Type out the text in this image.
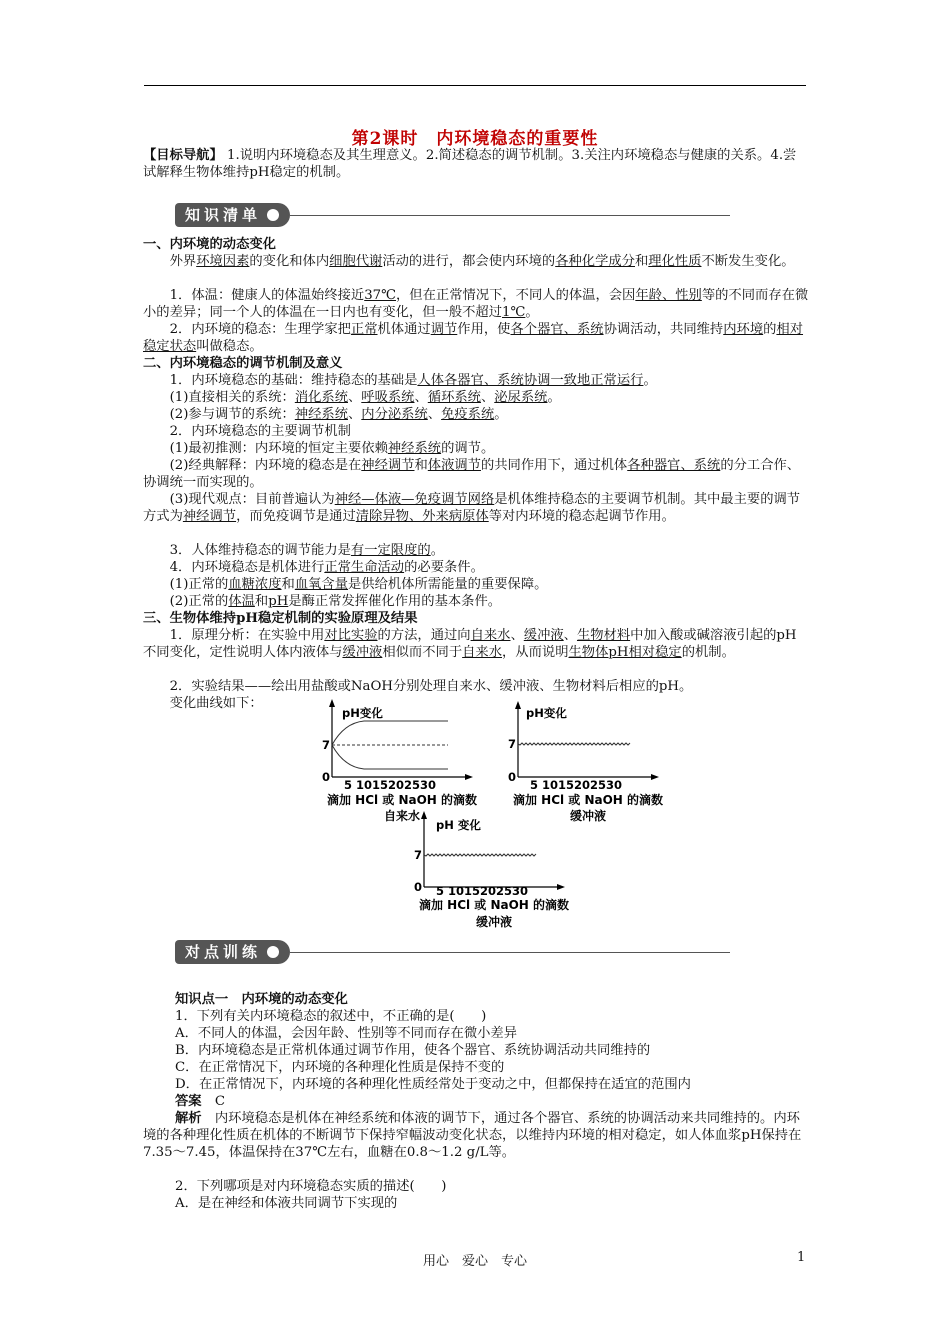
第2课时　内环境稳态的重要性

【目标导航】 1.说明内环境稳态及其生理意义。2.简述稳态的调节机制。3.关注内环境稳态与健康的关系。4.尝试解释生物体维持pH稳定的机制。

知识清单

一、内环境的动态变化

外界环境因素的变化和体内细胞代谢活动的进行，都会使内环境的各种化学成分和理化性质不断发生变化。

1．体温：健康人的体温始终接近37℃，但在正常情况下，不同人的体温，会因年龄、性别等的不同而存在微小的差异；同一个人的体温在一日内也有变化，但一般不超过1℃。

2．内环境的稳态：生理学家把正常机体通过调节作用，使各个器官、系统协调活动，共同维持内环境的相对稳定状态叫做稳态。

二、内环境稳态的调节机制及意义

1．内环境稳态的基础：维持稳态的基础是人体各器官、系统协调一致地正常运行。

(1)直接相关的系统：消化系统、呼吸系统、循环系统、泌尿系统。

(2)参与调节的系统：神经系统、内分泌系统、免疫系统。

2．内环境稳态的主要调节机制

(1)最初推测：内环境的恒定主要依赖神经系统的调节。

(2)经典解释：内环境的稳态是在神经调节和体液调节的共同作用下，通过机体各种器官、系统的分工合作、协调统一而实现的。

(3)现代观点：目前普遍认为神经—体液—免疫调节网络是机体维持稳态的主要调节机制。其中最主要的调节方式为神经调节，而免疫调节是通过清除异物、外来病原体等对内环境的稳态起调节作用。

3．人体维持稳态的调节能力是有一定限度的。

4．内环境稳态是机体进行正常生命活动的必要条件。

(1)正常的血糖浓度和血氧含量是供给机体所需能量的重要保障。

(2)正常的体温和pH是酶正常发挥催化作用的基本条件。

三、生物体维持pH稳定机制的实验原理及结果

1．原理分析：在实验中用对比实验的方法，通过向自来水、缓冲液、生物材料中加入酸或碱溶液引起的pH不同变化，定性说明人体内液体与缓冲液相似而不同于自来水，从而说明生物体pH相对稳定的机制。

2．实验结果——绘出用盐酸或NaOH分别处理自来水、缓冲液、生物材料后相应的pH。

变化曲线如下：

pH变化
7
0
5 1015202530
滴加 HCl 或 NaOH 的滴数
自来水
pH变化
7
0
5 1015202530
滴加 HCl 或 NaOH 的滴数
缓冲液
pH 变化
7
0 5 1015202530
滴加 HCl 或 NaOH 的滴数
缓冲液
对点训练

知识点一　内环境的动态变化

1．下列有关内环境稳态的叙述中，不正确的是(　　)

A．不同人的体温，会因年龄、性别等不同而存在微小差异

B．内环境稳态是正常机体通过调节作用，使各个器官、系统协调活动共同维持的

C．在正常情况下，内环境的各种理化性质是保持不变的

D．在正常情况下，内环境的各种理化性质经常处于变动之中，但都保持在适宜的范围内

答案　 C

解析　 内环境稳态是机体在神经系统和体液的调节下，通过各个器官、系统的协调活动来共同维持的。内环境的各种理化性质在机体的不断调节下保持窄幅波动变化状态，以维持内环境的相对稳定，如人体血浆pH保持在7.35～7.45，体温保持在37℃左右，血糖在0.8～1.2 g/L等。

2．下列哪项是对内环境稳态实质的描述(　　)

A．是在神经和体液共同调节下实现的

用心　爱心　专心	1
